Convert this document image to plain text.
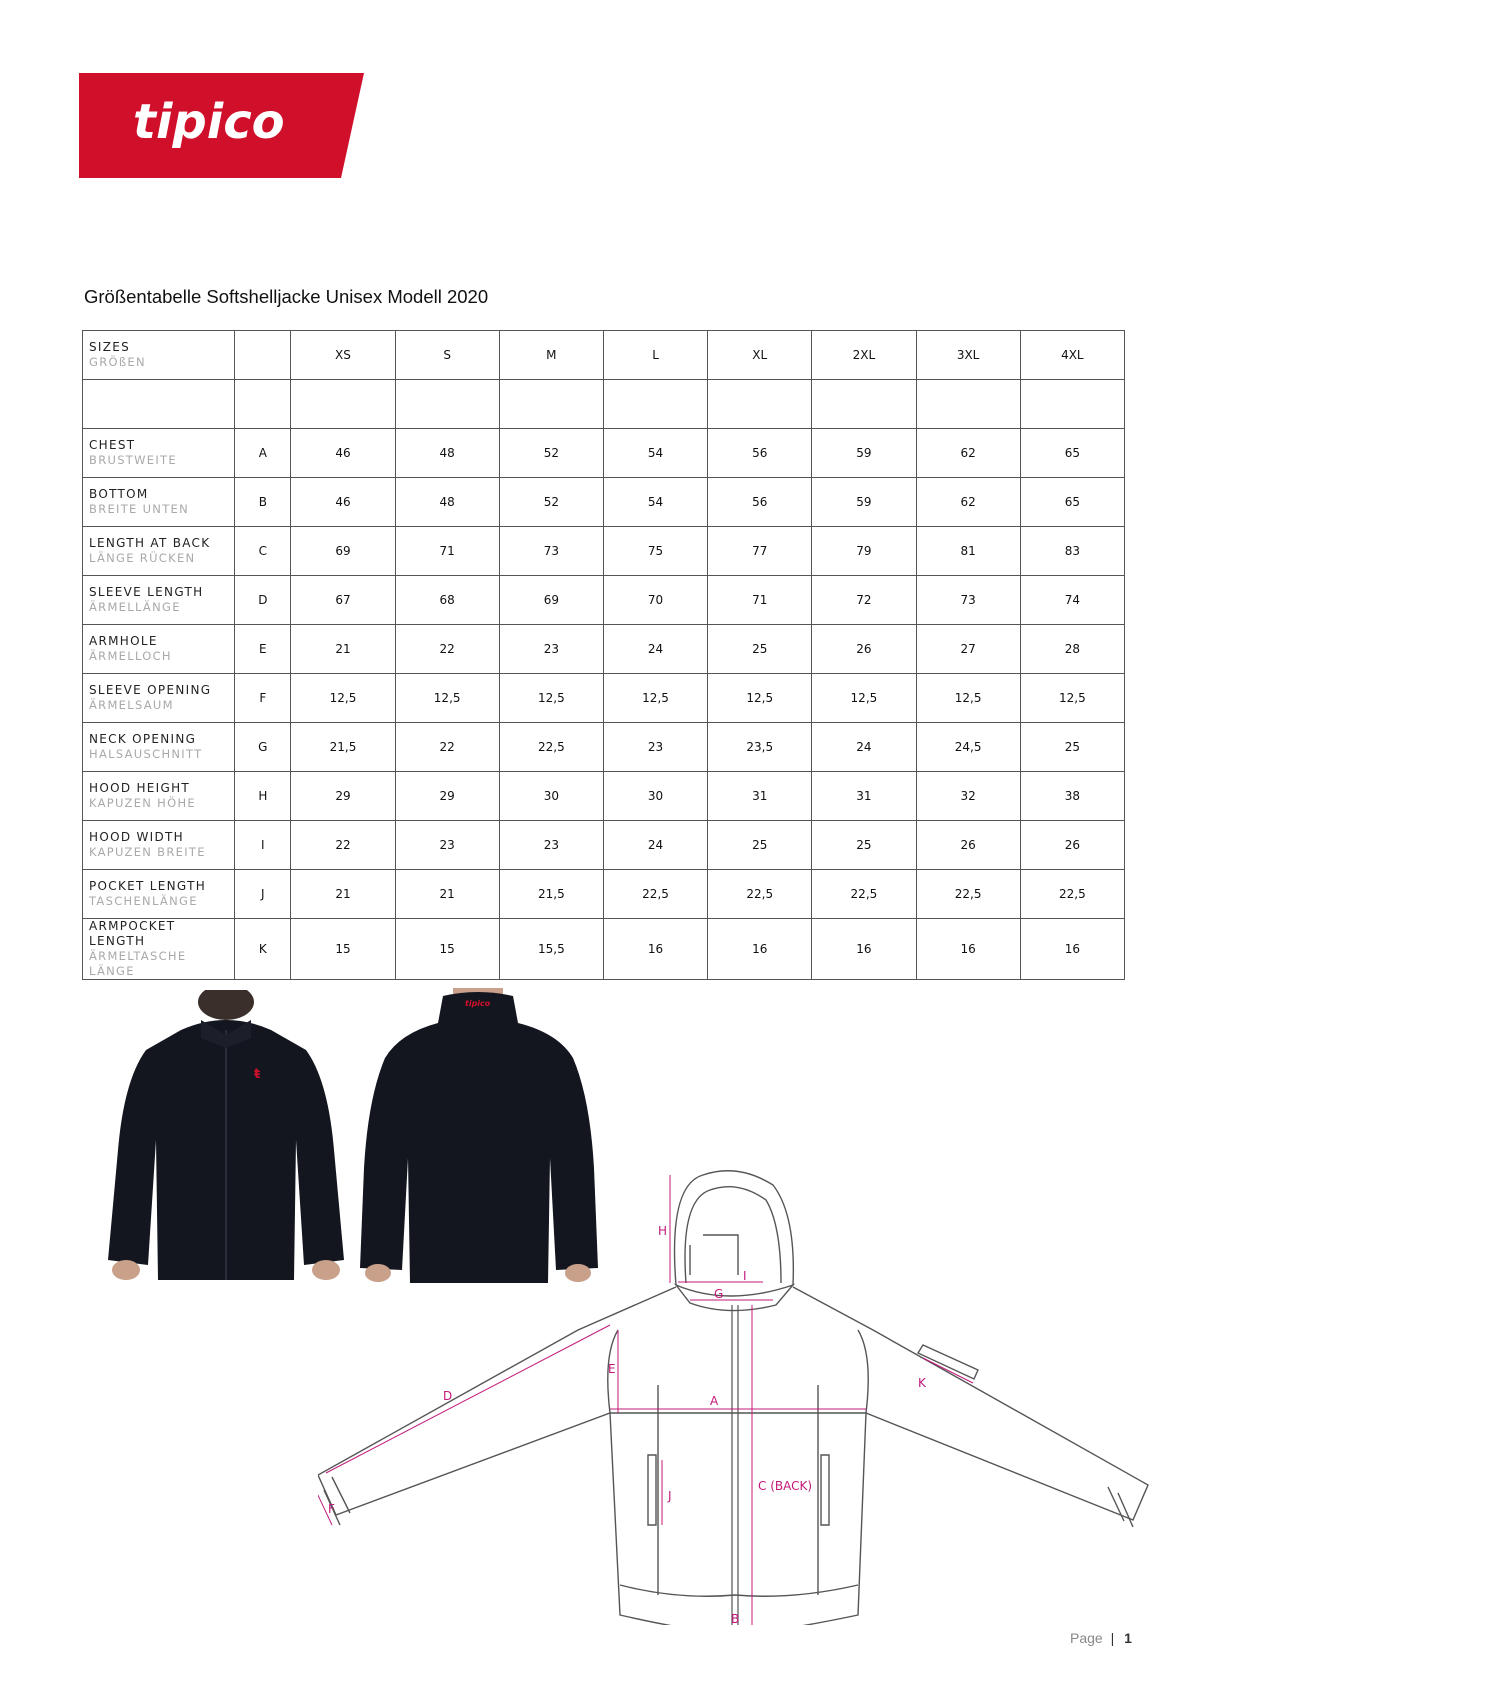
tipico
Größentabelle Softshelljacke Unisex Modell 2020
SIZES
GRÖßEN		XS	S	M	L	XL	2XL	3XL	4XL

CHEST
BRUSTWEITE	A	46	48	52	54	56	59	62	65

BOTTOM
BREITE UNTEN	B	46	48	52	54	56	59	62	65

LENGTH AT BACK
LÄNGE RÜCKEN	C	69	71	73	75	77	79	81	83

SLEEVE LENGTH
ÄRMELLÄNGE	D	67	68	69	70	71	72	73	74

ARMHOLE
ÄRMELLOCH	E	21	22	23	24	25	26	27	28

SLEEVE OPENING
ÄRMELSAUM	F	12,5	12,5	12,5	12,5	12,5	12,5	12,5	12,5

NECK OPENING
HALSAUSCHNITT	G	21,5	22	22,5	23	23,5	24	24,5	25

HOOD HEIGHT
KAPUZEN HÖHE	H	29	29	30	30	31	31	32	38

HOOD WIDTH
KAPUZEN BREITE	I	22	23	23	24	25	25	26	26

POCKET LENGTH
TASCHENLÄNGE	J	21	21	21,5	22,5	22,5	22,5	22,5	22,5

ARMPOCKET LENGTH
ÄRMELTASCHE LÄNGE	K	15	15	15,5	16	16	16	16	16
ŧ
tipico
A
B
C (BACK)
D
E
F
G
H
I
J
K
Page | 1
